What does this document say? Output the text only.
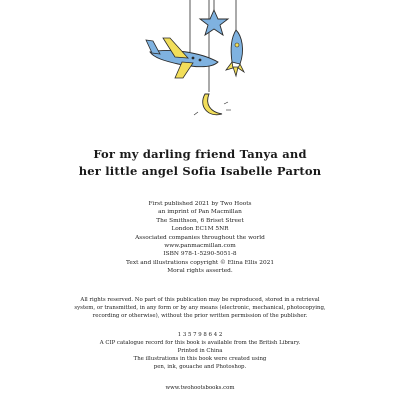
For my darling friend Tanya and
her little angel Sofia Isabelle Parton
First published 2021 by Two Hoots
an imprint of Pan Macmillan
The Smithson, 6 Briset Street
London EC1M 5NR
Associated companies throughout the world
www.panmacmillan.com
ISBN 978-1-5290-5051-8
Text and illustrations copyright © Elina Ellis 2021
Moral rights asserted.
All rights reserved. No part of this publication may be reproduced, stored in a retrieval
system, or transmitted, in any form or by any means (electronic, mechanical, photocopying,
recording or otherwise), without the prior written permission of the publisher.
1 3 5 7 9 8 6 4 2
A CIP catalogue record for this book is available from the British Library.
Printed in China
The illustrations in this book were created using
pen, ink, gouache and Photoshop.
www.twohootsbooks.com
